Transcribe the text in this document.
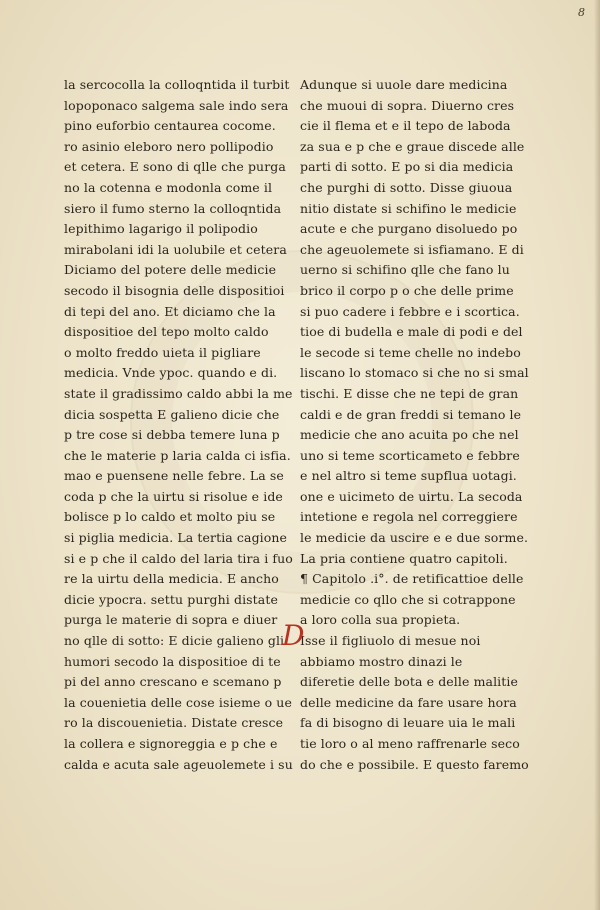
8
la sercocolla la colloqntida il turbit
lopoponaco salgema sale indo sera
pino euforbio centaurea cocome.
ro asinio eleboro nero pollipodio
et cetera. E sono di qlle che purga
no la cotenna e modonla come il
siero il fumo sterno la colloqntida
lepithimo lagarigo il polipodio
mirabolani idi la uolubile et cetera
Diciamo del potere delle medicie
secodo il bisognia delle dispositioi
di tepi del ano. Et diciamo che la
dispositioe del tepo molto caldo
o molto freddo uieta il pigliare
medicia. Vnde ypoc. quando e di.
state il gradissimo caldo abbi la me
dicia sospetta E galieno dicie che
p tre cose si debba temere luna p
che le materie p laria calda ci isfia.
mao e puensene nelle febre. La se
coda p che la uirtu si risolue e ide
bolisce p lo caldo et molto piu se
si piglia medicia. La tertia cagione
si e p che il caldo del laria tira i fuo
re la uirtu della medicia. E ancho
dicie ypocra. settu purghi distate
purga le materie di sopra e diuer
no qlle di sotto: E dicie galieno gli
humori secodo la dispositioe di te
pi del anno crescano e scemano p
la couenietia delle cose isieme o ue
ro la discouenietia. Distate cresce
la collera e signoreggia e p che e
calda e acuta sale ageuolemete i su
Adunque si uuole dare medicina
che muoui di sopra. Diuerno cres
cie il flema et e il tepo de laboda
za sua e p che e graue discede alle
parti di sotto. E po si dia medicia
che purghi di sotto. Disse giuoua
nitio distate si schifino le medicie
acute e che purgano disoluedo po
che ageuolemete si isfiamano. E di
uerno si schifino qlle che fano lu
brico il corpo p o che delle prime
si puo cadere i febbre e i scortica.
tioe di budella e male di podi e del
le secode si teme chelle no indebo
liscano lo stomaco si che no si smal
tischi. E disse che ne tepi de gran
caldi e de gran freddi si temano le
medicie che ano acuita po che nel
uno si teme scorticameto e febbre
e nel altro si teme supflua uotagi.
one e uicimeto de uirtu. La secoda
intetione e regola nel correggiere
le medicie da uscire e e due sorme.
La pria contiene quatro capitoli.
¶ Capitolo .i°. de retificattioe delle
medicie co qllo che si cotrappone
a loro colla sua propieta.
D
Isse il figliuolo di mesue noi
abbiamo mostro dinazi le
diferetie delle bota e delle malitie
delle medicine da fare usare hora
fa di bisogno di leuare uia le mali
tie loro o al meno raffrenarle seco
do che e possibile. E questo faremo
